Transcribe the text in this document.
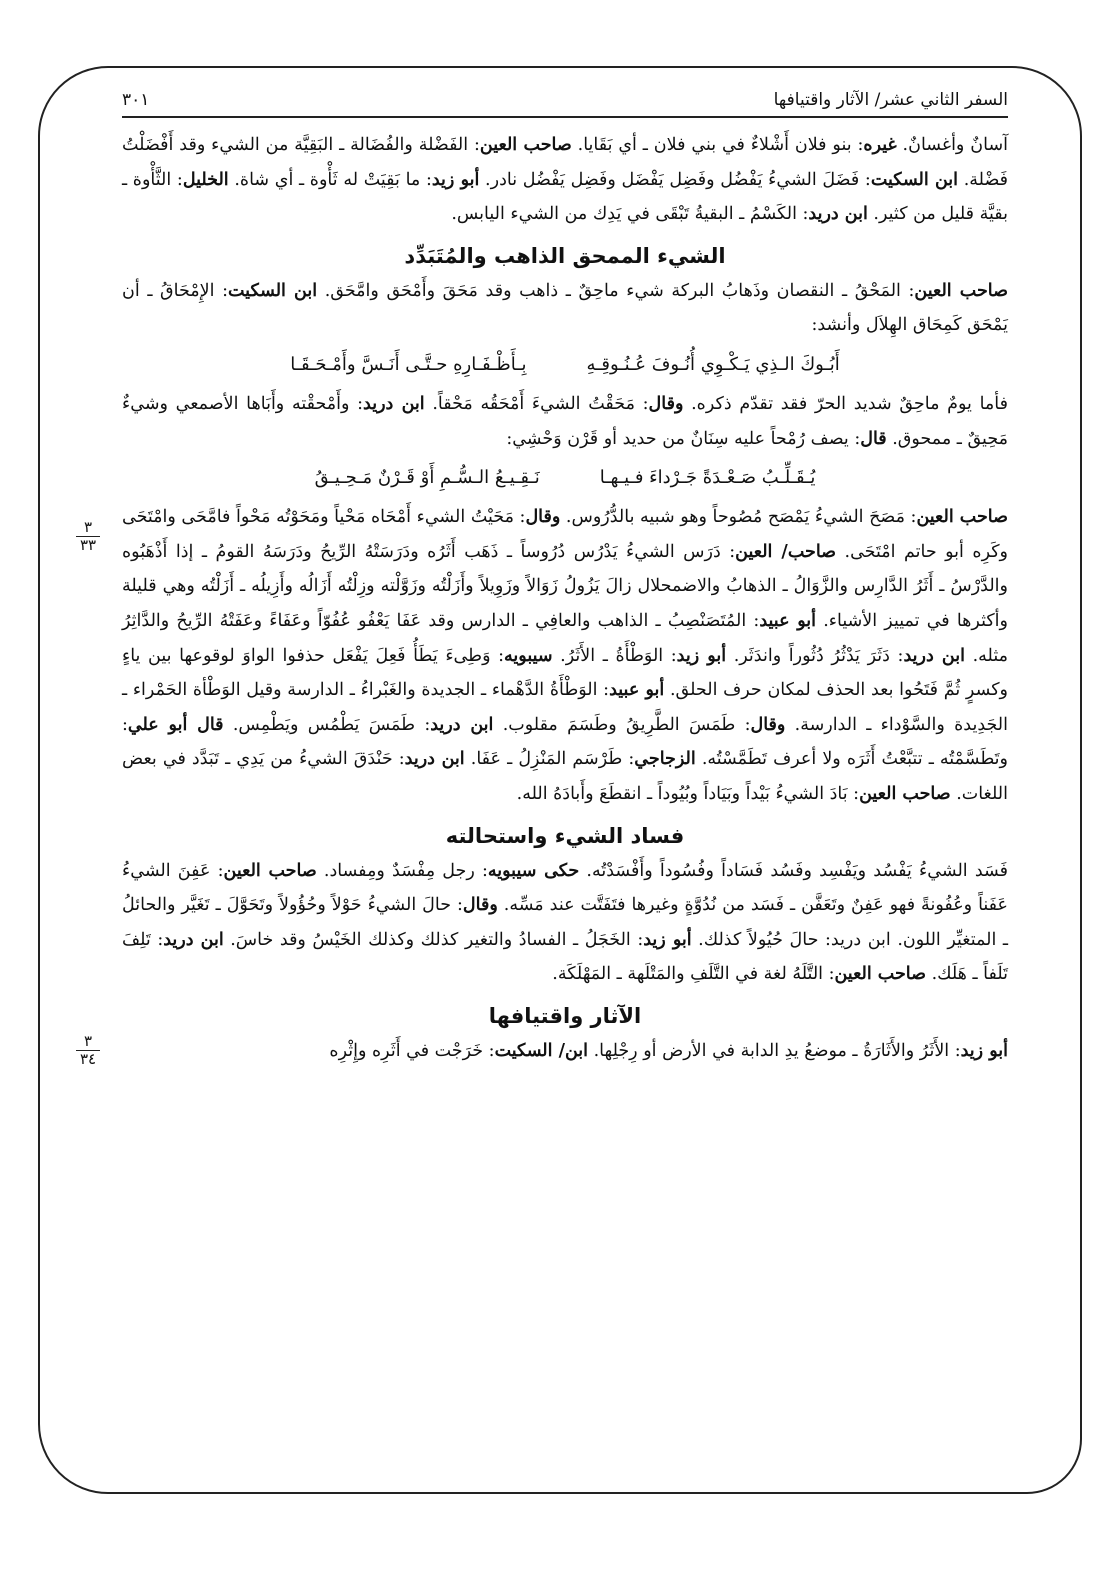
السفر الثاني عشر/ الآثار واقتيافها
٣٠١

آسانٌ وأغسانٌ. غيره: بنو فلان أَشْلاءٌ في بني فلان ـ أي بَقَايا. صاحب العين: الفَضْلة والفُضَالة ـ البَقِيَّة من الشيء وقد أَفْضَلْتُ فَضْلة. ابن السكيت: فَضَلَ الشيءُ يَفْضُل وفَضِل يَفْضَل وفَضِل يَفْضُل نادر. أبو زيد: ما بَقِيَتْ له ثَأْوة ـ أي شاة. الخليل: الثَّأْوة ـ بقيَّة قليل من كثير. ابن دريد: الكَسْمُ ـ البقيةُ تَبْقَى في يَدِك من الشيء اليابس.

الشيء الممحق الذاهب والمُتَبَدِّد

صاحب العين: المَحْقُ ـ النقصان وذَهابُ البركة شيء ماحِقٌ ـ ذاهب وقد مَحَقَ وأَمْحَق وامَّحَق. ابن السكيت: الإِمْحَاقُ ـ أن يَمْحَق كَمِحَاق الهِلاَل وأنشد:

أَبُـوكَ الـذِي يَـكْـوِي أُنُـوفَ عُـنُـوقِـهِ
بِـأَظْـفَـارِهِ حـتَّـى أَنَـسَّ وأَمْـحَـقَـا

فأما يومٌ ماحِقٌ شديد الحرّ فقد تقدّم ذكره. وقال: مَحَقْتُ الشيءَ أَمْحَقُه مَحْقاً. ابن دريد: وأَمْحقْته وأَبَاها الأصمعي وشيءٌ مَحِيقٌ ـ ممحوق. قال: يصف رُمْحاً عليه سِنَانٌ من حديد أو قَرْن وَحْشِي:

يُـقَـلِّـبُ صَـعْـدَةً جَـرْداءَ فـيـهـا
نَـقِـيـعُ الـسُّـمِ أَوْ قَـرْنٌ مَـحِـيـقُ
٣
٣٣

صاحب العين: مَصَحَ الشيءُ يَمْصَح مُصُوحاً وهو شبيه بالدُّرُوس. وقال: مَحَيْتُ الشيء أَمْحَاه مَحْياً ومَحَوْتُه مَحْواً فامَّحَى وامْتَحَى وكَرِه أبو حاتم امْتَحَى. صاحب/ العين: دَرَس الشيءُ يَدْرُس دُرُوساً ـ ذَهَب أَثَرُه ودَرَسَتْهُ الرِّيحُ ودَرَسَهُ القومُ ـ إذا أَذْهَبُوه والدَّرْسُ ـ أَثَرُ الدَّارِس والزَّوَالُ ـ الذهابُ والاضمحلال زالَ يَزُولُ زَوَالاً وزَوِيلاً وأَزَلْتُه وزَوَّلْته وزِلْتُه أَزَالُه وأَزِيلُه ـ أَزَلْتُه وهي قليلة وأكثرها في تمييز الأشياء. أبو عبيد: المُتَصَنْصِبُ ـ الذاهب والعافِي ـ الدارس وقد عَفَا يَعْفُو عُفُوّاً وعَفَاءً وعَفَتْهُ الرِّيحُ والدَّاثِرُ مثله. ابن دريد: دَثَرَ يَدْثُرُ دُثُوراً واندَثَر. أبو زيد: الوَطْأَةُ ـ الأَثَرُ. سيبويه: وَطِىءَ يَطَأُ فَعِلَ يَفْعَل حذفوا الواوَ لوقوعها بين ياءٍ وكسرٍ ثُمَّ فَتَحُوا بعد الحذف لمكان حرف الحلق. أبو عبيد: الوَطْأَةُ الدَّهْماء ـ الجديدة والغَبْراءُ ـ الدارسة وقيل الوَطْأة الحَمْراء ـ الجَدِيدة والسَّوْداء ـ الدارسة. وقال: طَمَسَ الطَّرِيقُ وطَسَمَ مقلوب. ابن دريد: طَمَسَ يَطْمُس ويَطْمِس. قال أبو علي: وتَطَسَّمْتُه ـ تتبَّعْتُ أَثَرَه ولا أعرف تَطَمَّسْتُه. الزجاجي: طَرْسَم المَنْزِلُ ـ عَفَا. ابن دريد: حَنْدَقَ الشيءُ من يَدِي ـ تَبَدَّد في بعض اللغات. صاحب العين: بَادَ الشيءُ بَيْداً وبَيَاداً وبُيُوداً ـ انقطَعَ وأَبادَهُ الله.

فساد الشيء واستحالته

فَسَد الشيءُ يَفْسُد ويَفْسِد وفَسُد فَسَاداً وفُسُوداً وأَفْسَدْتُه. حكى سيبويه: رجل مِفْسَدٌ ومِفساد. صاحب العين: عَفِنَ الشيءُ عَفَناً وعُفُونةً فهو عَفِنٌ وتَعَفَّن ـ فَسَد من نُدُوَّةٍ وغيرها فتَفَتَّت عند مَسِّه. وقال: حالَ الشيءُ حَوْلاً وحُؤُولاً وتَحَوَّلَ ـ تَغَيَّر والحائلُ ـ المتغيِّر اللون. ابن دريد: حالَ حُيُولاً كذلك. أبو زيد: الخَجَلُ ـ الفسادُ والتغير كذلك وكذلك الخَيْسُ وقد خاسَ. ابن دريد: تَلِفَ تَلَفاً ـ هَلَك. صاحب العين: التَّلَهُ لغة في التَّلَفِ والمَتْلَهة ـ المَهْلَكَة.

الآثار واقتيافها
٣
٣٤	أبو زيد: الأَثَرُ والأَثَارَةُ ـ موضعُ يدِ الدابة في الأرض أو رِجْلِها. ابن/ السكيت: خَرَجْت في أَثَرِه وإِثْرِه
